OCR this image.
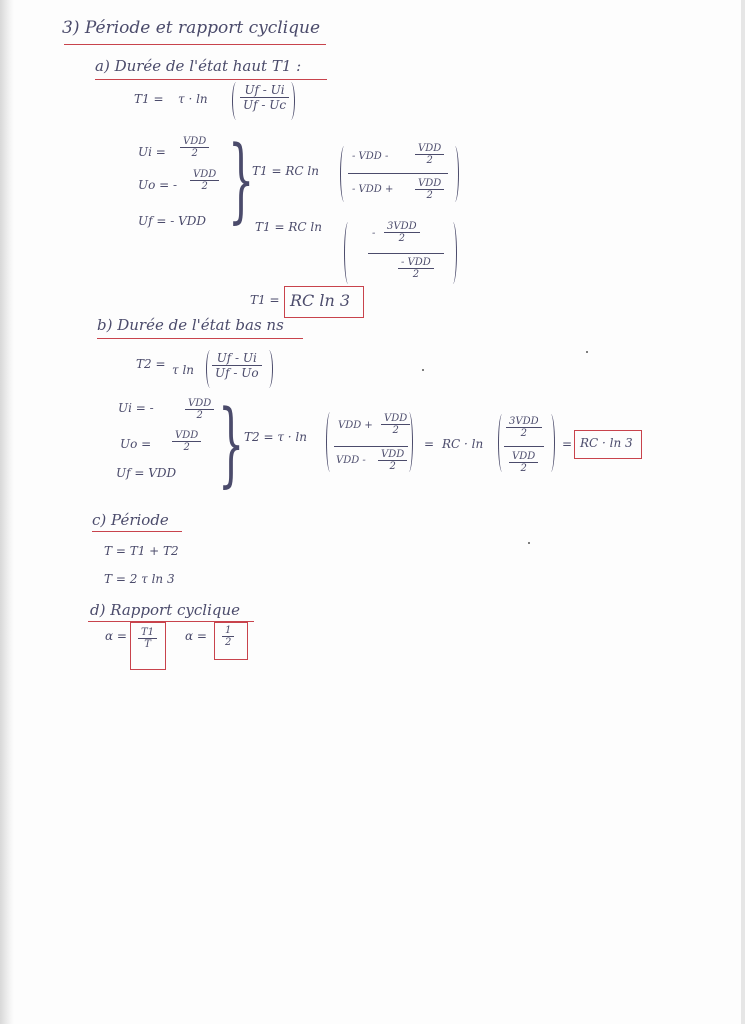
3) Période et rapport cyclique
a) Durée de l'état haut T1 :
T1 = τ · ln
Uf - Ui
Uf - Uc
Ui =
VDD
2
Uo = -
VDD
2
Uf = - VDD }
T1 = RC ln
- VDD -
VDD
2
- VDD +
VDD
2
T1 = RC ln	-
3VDD
2
- VDD
2
T1 = RC ln 3
b) Durée de l'état bas ns
T2 = τ ln
Uf - Ui
Uf - Uo
Ui = -	VDD
2
Uo =
VDD
2
Uf = VDD } T2 = τ · ln
VDD +
VDD
2
VDD -
VDD
2
= RC · ln
3VDD
2
VDD
2
= RC · ln 3
c) Période
T = T1 + T2
T = 2 τ ln 3
d) Rapport cyclique
α =	T1
T
α =	1
2
